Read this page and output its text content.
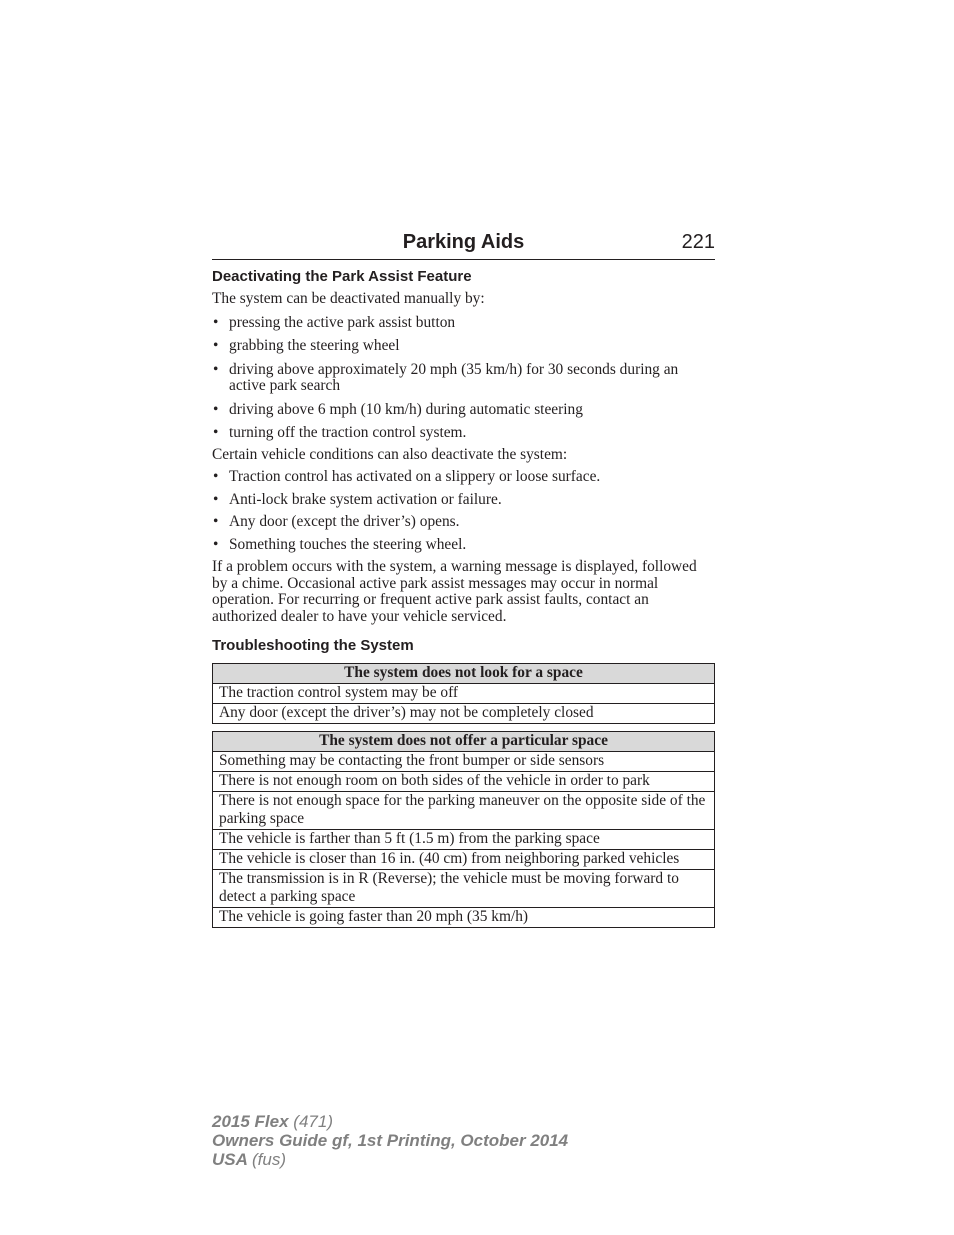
Parking Aids	221
Deactivating the Park Assist Feature

The system can be deactivated manually by:

• pressing the active park assist button
• grabbing the steering wheel
• driving above approximately 20 mph (35 km/h) for 30 seconds during an active park search
• driving above 6 mph (10 km/h) during automatic steering
• turning off the traction control system.

Certain vehicle conditions can also deactivate the system:

• Traction control has activated on a slippery or loose surface.
• Anti-lock brake system activation or failure.
• Any door (except the driver’s) opens.
• Something touches the steering wheel.

If a problem occurs with the system, a warning message is displayed, followed by a chime. Occasional active park assist messages may occur in normal operation. For recurring or frequent active park assist faults, contact an authorized dealer to have your vehicle serviced.

Troubleshooting the System
The system does not look for a space
The traction control system may be off
Any door (except the driver’s) may not be completely closed
The system does not offer a particular space
Something may be contacting the front bumper or side sensors
There is not enough room on both sides of the vehicle in order to park
There is not enough space for the parking maneuver on the opposite side of the parking space
The vehicle is farther than 5 ft (1.5 m) from the parking space
The vehicle is closer than 16 in. (40 cm) from neighboring parked vehicles
The transmission is in R (Reverse); the vehicle must be moving forward to detect a parking space
The vehicle is going faster than 20 mph (35 km/h)
2015 Flex (471)
Owners Guide gf, 1st Printing, October 2014
USA (fus)
